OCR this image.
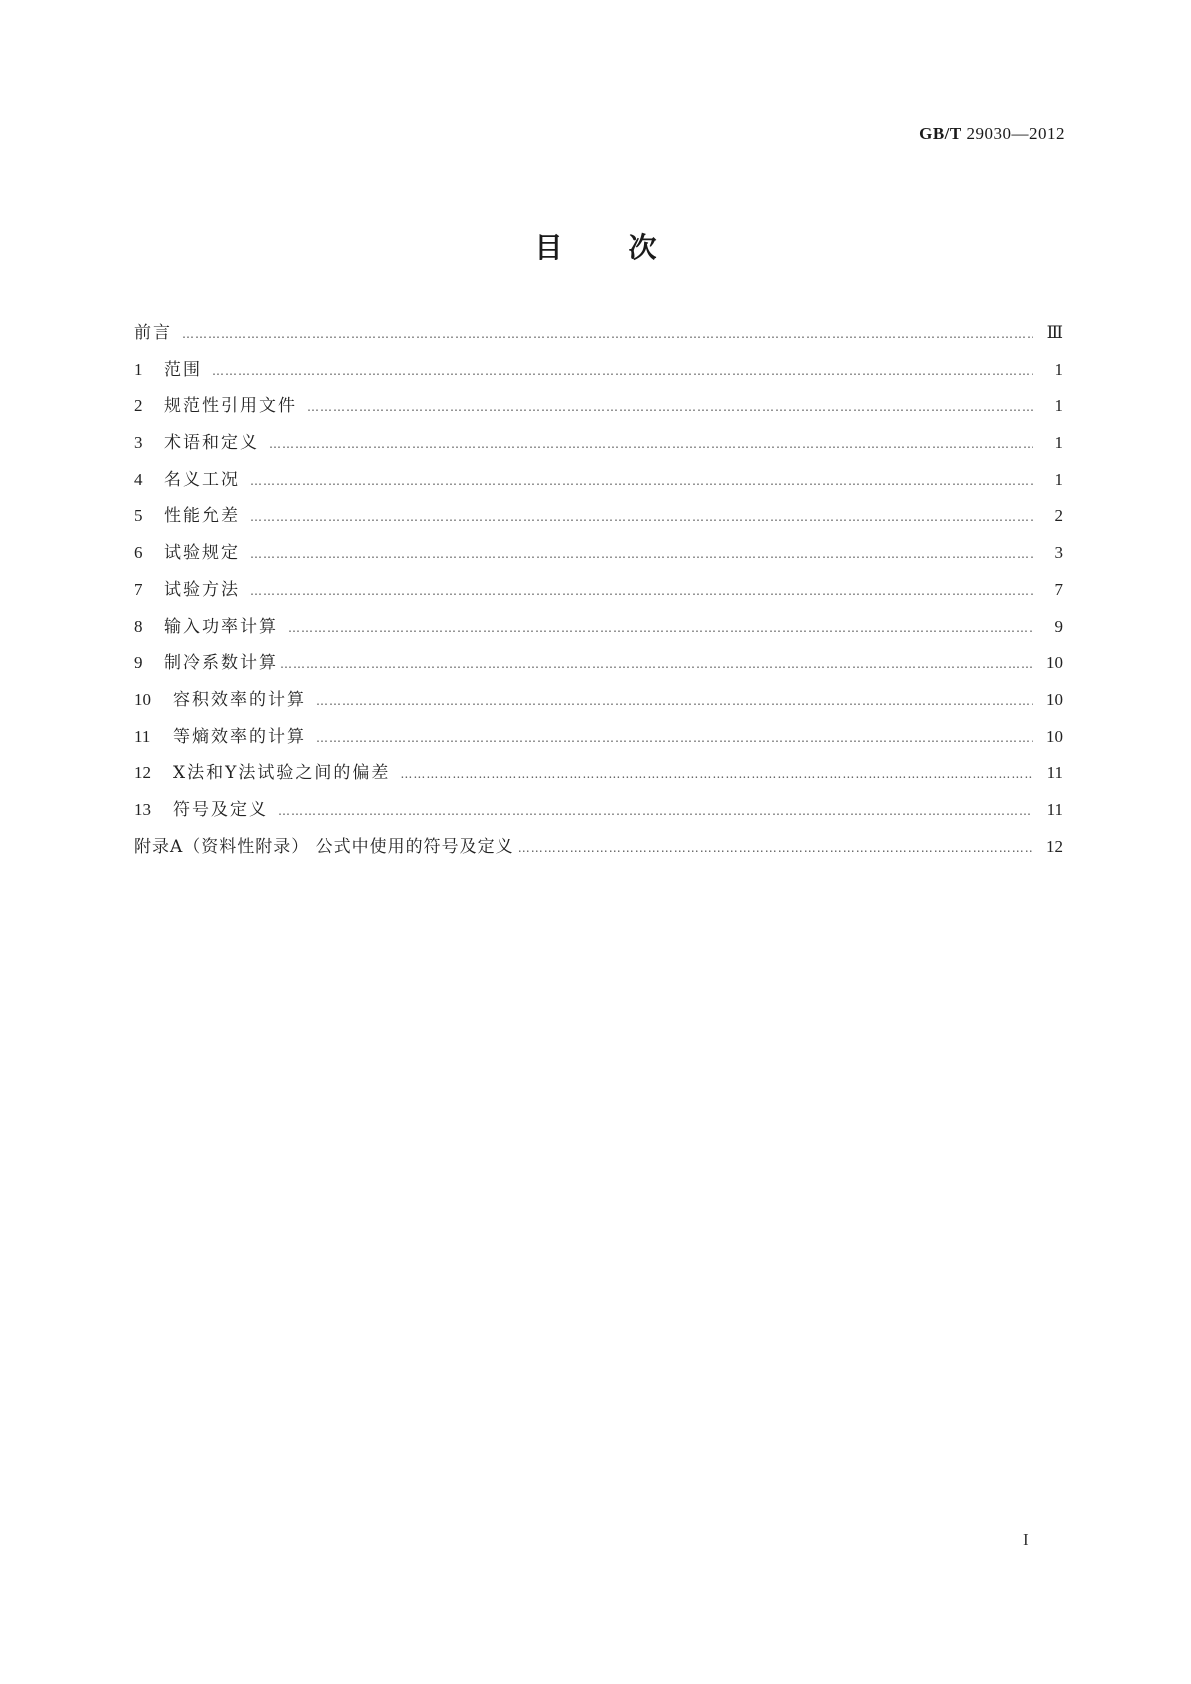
GB/T 29030—2012
目次
前言 ……………………………………………………………………………………………………………………………………………………………………………………………………………………………………………………	Ⅲ
1	范围 ……………………………………………………………………………………………………………………………………………………………………………………………………………………………………………………	1
2	规范性引用文件 ……………………………………………………………………………………………………………………………………………………………………………………………………………………………………………………	1
3	术语和定义 ……………………………………………………………………………………………………………………………………………………………………………………………………………………………………………………	1
4	名义工况 ……………………………………………………………………………………………………………………………………………………………………………………………………………………………………………………	1
5	性能允差 ……………………………………………………………………………………………………………………………………………………………………………………………………………………………………………………	2
6	试验规定 ……………………………………………………………………………………………………………………………………………………………………………………………………………………………………………………	3
7	试验方法 ……………………………………………………………………………………………………………………………………………………………………………………………………………………………………………………	7
8	输入功率计算 ……………………………………………………………………………………………………………………………………………………………………………………………………………………………………………………	9
9	制冷系数计算 ……………………………………………………………………………………………………………………………………………………………………………………………………………………………………………………	10
10	容积效率的计算 ……………………………………………………………………………………………………………………………………………………………………………………………………………………………………………………	10
11	等熵效率的计算 ……………………………………………………………………………………………………………………………………………………………………………………………………………………………………………………	10
12	X法和Y法试验之间的偏差 ……………………………………………………………………………………………………………………………………………………………………………………………………………………………………………………	11
13	符号及定义 ……………………………………………………………………………………………………………………………………………………………………………………………………………………………………………………	11
附录A（资料性附录） 公式中使用的符号及定义 ……………………………………………………………………………………………………………………………………………………………………………………………………………………………………………………	12
I
